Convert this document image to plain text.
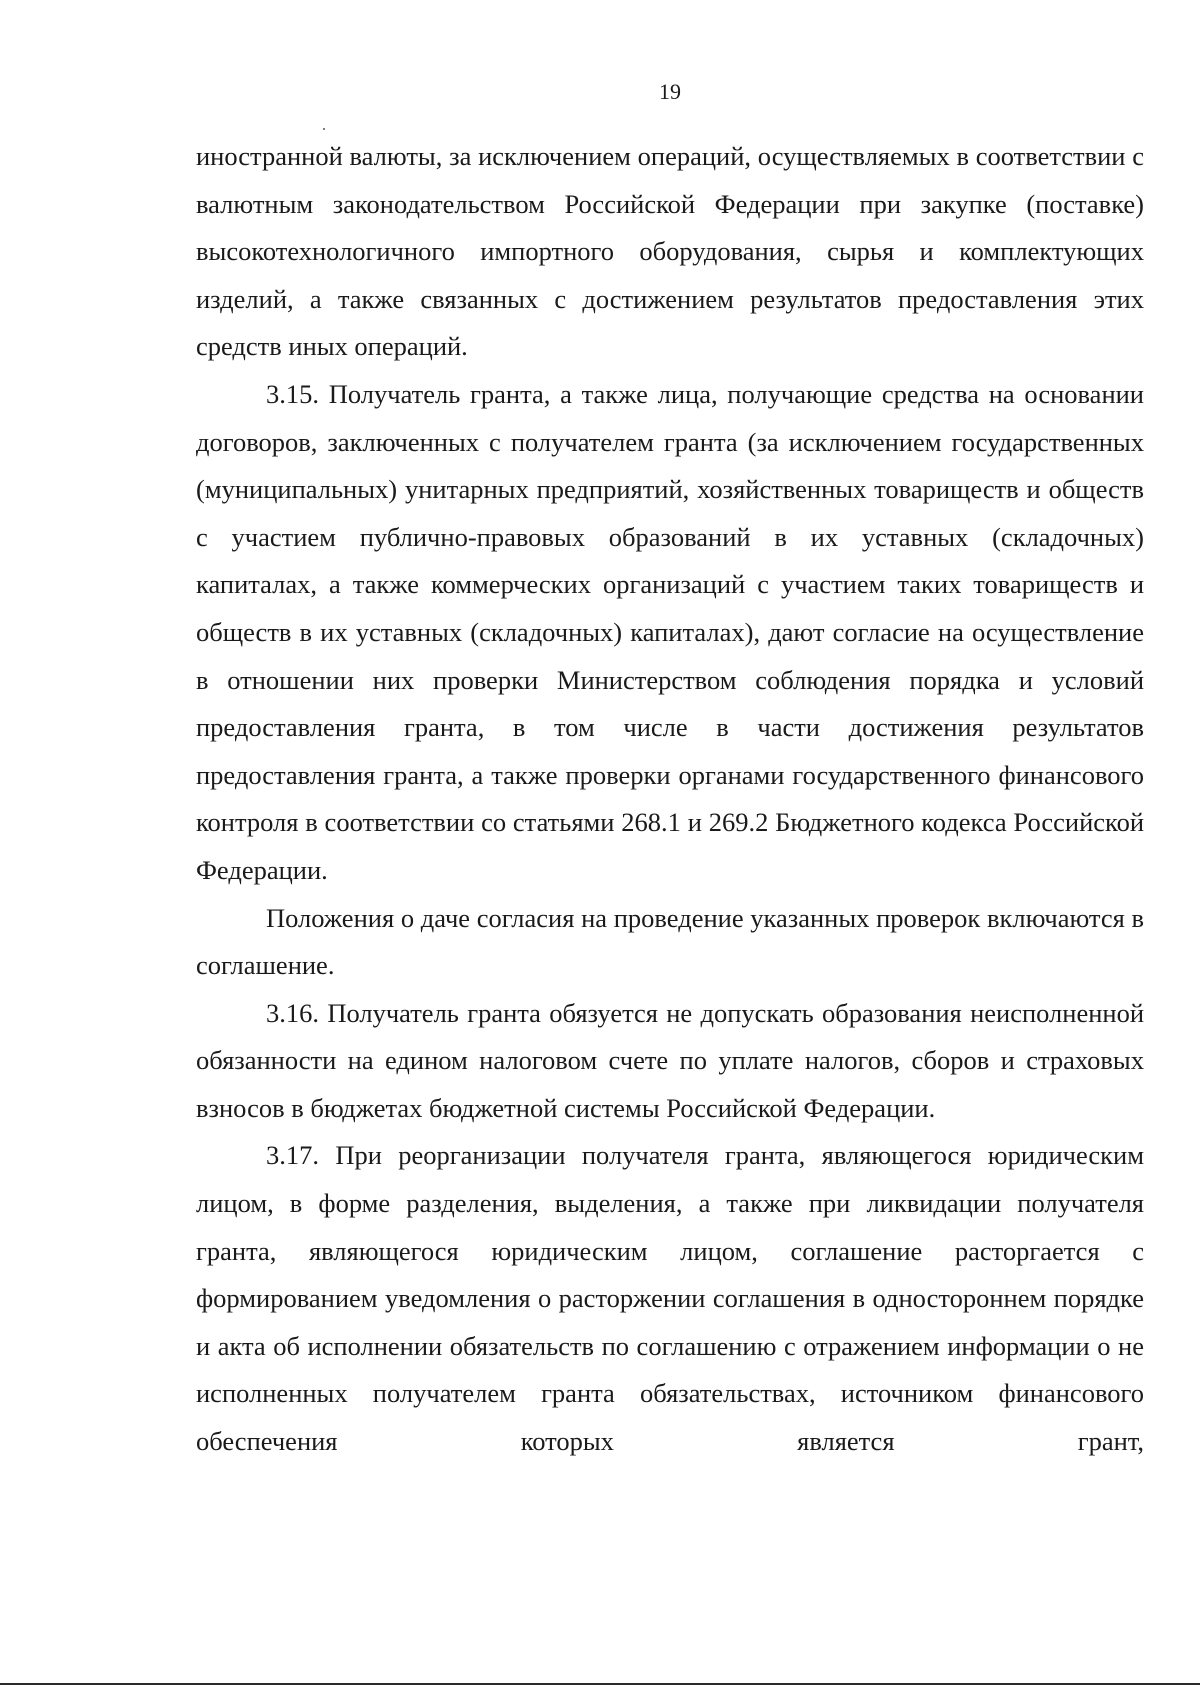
19

иностранной валюты, за исключением операций, осуществляемых в соответствии с валютным законодательством Российской Федерации при закупке (поставке) высокотехнологичного импортного оборудования, сырья и комплектующих изделий, а также связанных с достижением результатов предоставления этих средств иных операций.

3.15. Получатель гранта, а также лица, получающие средства на основании договоров, заключенных с получателем гранта (за исключением государственных (муниципальных) унитарных предприятий, хозяйственных товариществ и обществ с участием публично-правовых образований в их уставных (складочных) капиталах, а также коммерческих организаций с участием таких товариществ и обществ в их уставных (складочных) капиталах), дают согласие на осуществление в отношении них проверки Министерством соблюдения порядка и условий предоставления гранта, в том числе в части достижения результатов предоставления гранта, а также проверки органами государственного финансового контроля в соответствии со статьями 268.1 и 269.2 Бюджетного кодекса Российской Федерации.

Положения о даче согласия на проведение указанных проверок включаются в соглашение.

3.16. Получатель гранта обязуется не допускать образования неисполненной обязанности на едином налоговом счете по уплате налогов, сборов и страховых взносов в бюджетах бюджетной системы Российской Федерации.

3.17. При реорганизации получателя гранта, являющегося юридическим лицом, в форме разделения, выделения, а также при ликвидации получателя гранта, являющегося юридическим лицом, соглашение расторгается с формированием уведомления о расторжении соглашения в одностороннем порядке и акта об исполнении обязательств по соглашению с отражением информации о не исполненных получателем гранта обязательствах, источником финансового обеспечения которых является грант,
